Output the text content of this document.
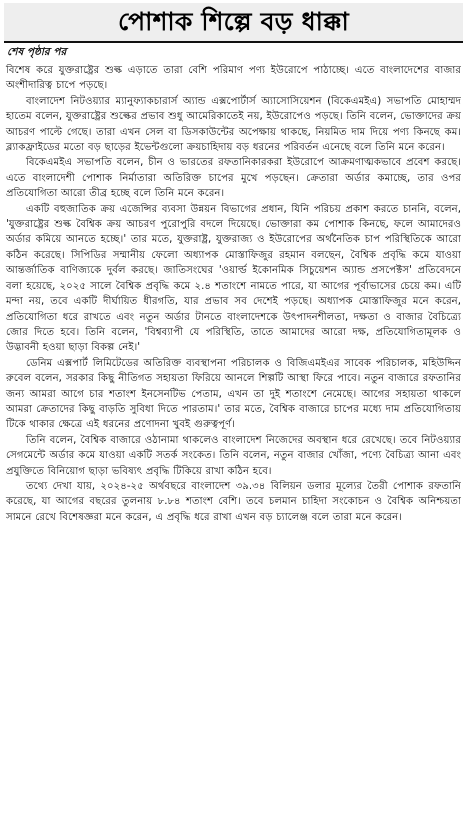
পোশাক শিল্পে বড় ধাক্কা
শেষ পৃষ্ঠার পর

বিশেষ করে যুক্তরাষ্ট্রের শুল্ক এড়াতে তারা বেশি পরিমাণ পণ্য ইউরোপে পাঠাচ্ছে। এতে বাংলাদেশের বাজার অংশীদারিত্ব চাপে পড়ছে।

বাংলাদেশ নিটওয়্যার ম্যানুফ্যাকচারার্স অ্যান্ড এক্সপোর্টার্স অ্যাসোসিয়েশন (বিকেএমইএ) সভাপতি মোহাম্মদ হাতেম বলেন, যুক্তরাষ্ট্রের শুল্কের প্রভাব শুধু আমেরিকাতেই নয়, ইউরোপেও পড়ছে। তিনি বলেন, ভোক্তাদের ক্রয় আচরণ পাল্টে গেছে। তারা এখন সেল বা ডিসকাউন্টের অপেক্ষায় থাকছে, নিয়মিত দাম দিয়ে পণ্য কিনছে কম। ব্ল্যাকফ্রাইডের মতো বড় ছাড়ের ইভেন্টগুলো ক্রয়চাহিদায় বড় ধরনের পরিবর্তন এনেছে বলে তিনি মনে করেন।

বিকেএমইএ সভাপতি বলেন, চীন ও ভারতের রফতানিকারকরা ইউরোপে আক্রমণাত্মকভাবে প্রবেশ করছে। এতে বাংলাদেশী পোশাক নির্মাতারা অতিরিক্ত চাপের মুখে পড়ছেন। ক্রেতারা অর্ডার কমাচ্ছে, তার ওপর প্রতিযোগিতা আরো তীব্র হচ্ছে বলে তিনি মনে করেন।

একটি বহুজাতিক ক্রয় এজেন্সির ব্যবসা উন্নয়ন বিভাগের প্রধান, যিনি পরিচয় প্রকাশ করতে চাননি, বলেন, 'যুক্তরাষ্ট্রের শুল্ক বৈশ্বিক ক্রয় আচরণ পুরোপুরি বদলে দিয়েছে। ভোক্তারা কম পোশাক কিনছে, ফলে আমাদেরও অর্ডার কমিয়ে আনতে হচ্ছে।' তার মতে, যুক্তরাষ্ট্র, যুক্তরাজ্য ও ইউরোপের অর্থনৈতিক চাপ পরিস্থিতিকে আরো কঠিন করেছে। সিপিডির সম্মানীয় ফেলো অধ্যাপক মোস্তাফিজুর রহমান বলছেন, বৈশ্বিক প্রবৃদ্ধি কমে যাওয়া আন্তর্জাতিক বাণিজ্যকে দুর্বল করছে। জাতিসংঘের 'ওয়ার্ল্ড ইকোনমিক সিচুয়েশন অ্যান্ড প্রসপেক্টস' প্রতিবেদনে বলা হয়েছে, ২০২৫ সালে বৈশ্বিক প্রবৃদ্ধি কমে ২.৪ শতাংশে নামতে পারে, যা আগের পূর্বাভাসের চেয়ে কম। এটি মন্দা নয়, তবে একটি দীর্ঘায়িত ধীরগতি, যার প্রভাব সব দেশেই পড়ছে। অধ্যাপক মোস্তাফিজুর মনে করেন, প্রতিযোগিতা ধরে রাখতে এবং নতুন অর্ডার টানতে বাংলাদেশকে উৎপাদনশীলতা, দক্ষতা ও বাজার বৈচিত্র্যে জোর দিতে হবে। তিনি বলেন, 'বিশ্বব্যাপী যে পরিস্থিতি, তাতে আমাদের আরো দক্ষ, প্রতিযোগিতামূলক ও উদ্ভাবনী হওয়া ছাড়া বিকল্প নেই।'

ডেনিম এক্সপার্ট লিমিটেডের অতিরিক্ত ব্যবস্থাপনা পরিচালক ও বিজিএমইএর সাবেক পরিচালক, মহিউদ্দিন রুবেল বলেন, সরকার কিছু নীতিগত সহায়তা ফিরিয়ে আনলে শিল্পটি আস্থা ফিরে পাবে। নতুন বাজারে রফতানির জন্য আমরা আগে চার শতাংশ ইনসেনটিভ পেতাম, এখন তা দুই শতাংশে নেমেছে। আগের সহায়তা থাকলে আমরা ক্রেতাদের কিছু বাড়তি সুবিধা দিতে পারতাম।' তার মতে, বৈশ্বিক বাজারে চাপের মধ্যে দাম প্রতিযোগিতায় টিকে থাকার ক্ষেত্রে এই ধরনের প্রণোদনা খুবই গুরুত্বপূর্ণ।

তিনি বলেন, বৈশ্বিক বাজারে ওঠানামা থাকলেও বাংলাদেশ নিজেদের অবস্থান ধরে রেখেছে। তবে নিটওয়্যার সেগমেন্টে অর্ডার কমে যাওয়া একটি সতর্ক সংকেত। তিনি বলেন, নতুন বাজার খোঁজা, পণ্যে বৈচিত্র্য আনা এবং প্রযুক্তিতে বিনিয়োগ ছাড়া ভবিষ্যৎ প্রবৃদ্ধি টিকিয়ে রাখা কঠিন হবে।

তথ্যে দেখা যায়, ২০২৪-২৫ অর্থবছরে বাংলাদেশ ৩৯.৩৪ বিলিয়ন ডলার মূল্যের তৈরী পোশাক রফতানি করেছে, যা আগের বছরের তুলনায় ৮.৮৪ শতাংশ বেশি। তবে চলমান চাহিদা সংকোচন ও বৈশ্বিক অনিশ্চয়তা সামনে রেখে বিশেষজ্ঞরা মনে করেন, এ প্রবৃদ্ধি ধরে রাখা এখন বড় চ্যালেঞ্জ বলে তারা মনে করেন।
